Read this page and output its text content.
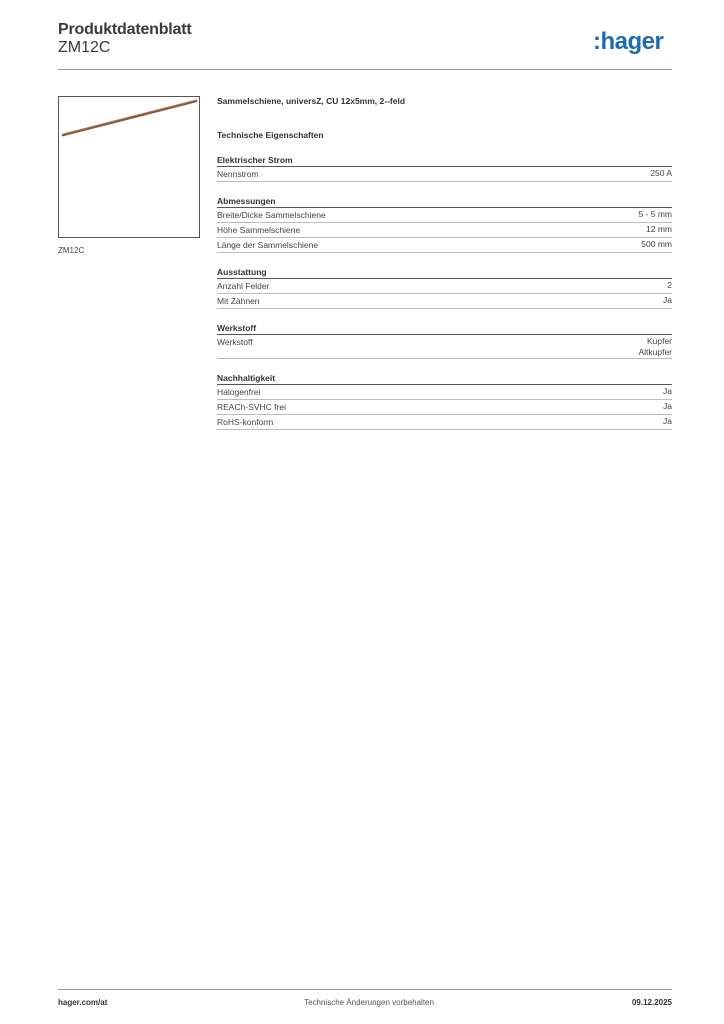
Produktdatenblatt
ZM12C	:hager
ZM12C
Sammelschiene, universZ, CU 12x5mm, 2--feld
Technische Eigenschaften
Elektrischer Strom
Nennstrom	250 A
Abmessungen
Breite/Dicke Sammelschiene	5 - 5 mm
Höhe Sammelschiene	12 mm
Länge der Sammelschiene	500 mm
Ausstattung
Anzahl Felder	2
Mit Zähnen	Ja
Werkstoff
Werkstoff	Kupfer
Altkupfer
Nachhaltigkeit
Halogenfrei	Ja
REACh-SVHC frei	Ja
RoHS-konform	Ja
hager.com/at	Technische Änderungen vorbehalten	09.12.2025
